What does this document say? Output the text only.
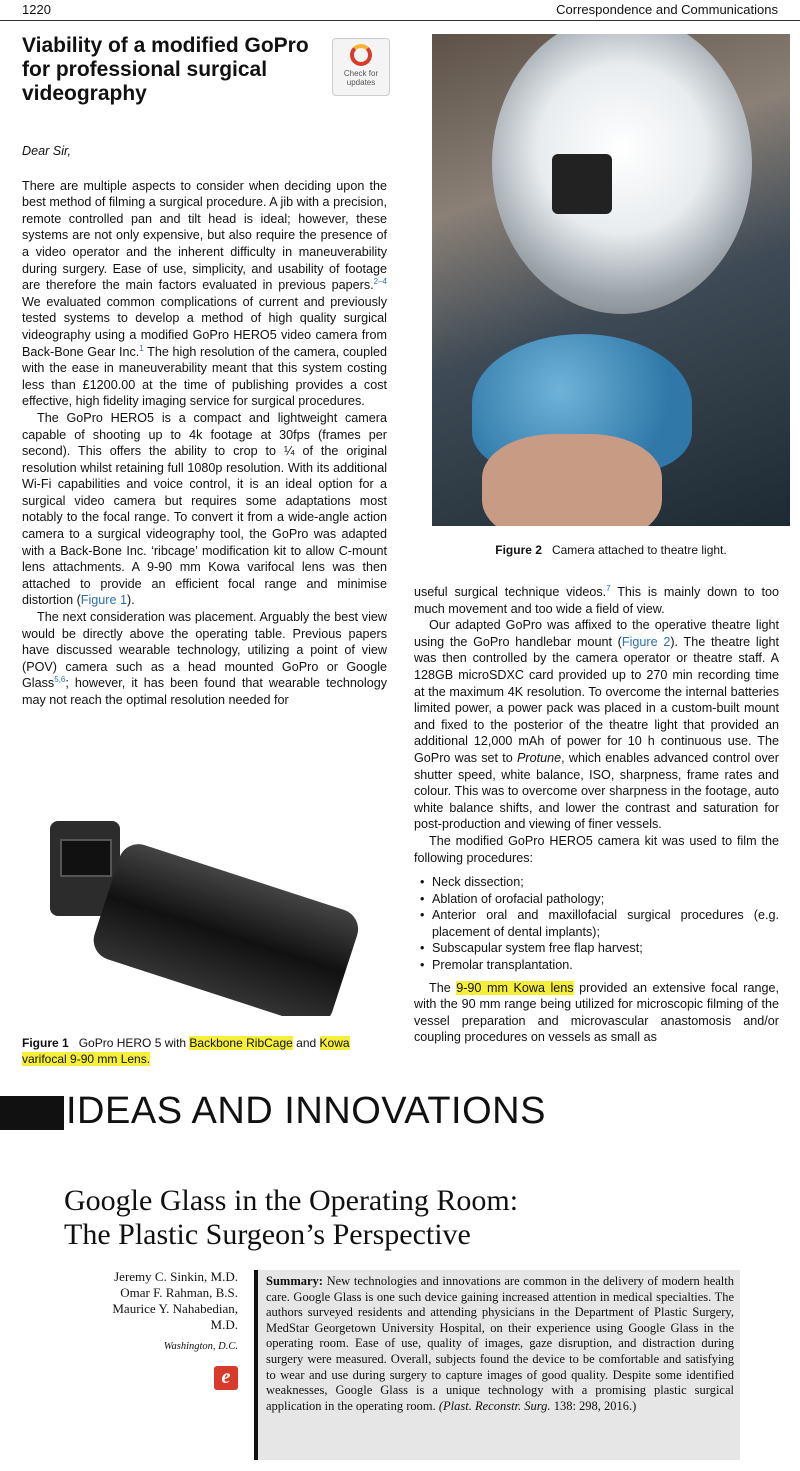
1220	Correspondence and Communications
Viability of a modified GoPro for professional surgical videography
Check for
updates

Dear Sir,

There are multiple aspects to consider when deciding upon the best method of filming a surgical procedure. A jib with a precision, remote controlled pan and tilt head is ideal; however, these systems are not only expensive, but also require the presence of a video operator and the inherent difficulty in maneuverability during surgery. Ease of use, simplicity, and usability of footage are therefore the main factors evaluated in previous papers.$^{2-4}$ We evaluated common complications of current and previously tested systems to develop a method of high quality surgical videography using a modified GoPro HERO5 video camera from Back-Bone Gear Inc.$^1$ The high resolution of the camera, coupled with the ease in maneuverability meant that this system costing less than £1200.00 at the time of publishing provides a cost effective, high fidelity imaging service for surgical procedures.

The GoPro HERO5 is a compact and lightweight camera capable of shooting up to 4k footage at 30fps (frames per second). This offers the ability to crop to ¼ of the original resolution whilst retaining full 1080p resolution. With its additional Wi-Fi capabilities and voice control, it is an ideal option for a surgical video camera but requires some adaptations most notably to the focal range. To convert it from a wide-angle action camera to a surgical videography tool, the GoPro was adapted with a Back-Bone Inc. ‘ribcage’ modification kit to allow C-mount lens attachments. A 9-90 mm Kowa varifocal lens was then attached to provide an efficient focal range and minimise distortion (Figure 1).

The next consideration was placement. Arguably the best view would be directly above the operating table. Previous papers have discussed wearable technology, utilizing a point of view (POV) camera such as a head mounted GoPro or Google Glass$^{5,6}$; however, it has been found that wearable technology may not reach the optimal resolution needed for

Figure 2 Camera attached to theatre light.

useful surgical technique videos.$^7$ This is mainly down to too much movement and too wide a field of view.

Our adapted GoPro was affixed to the operative theatre light using the GoPro handlebar mount (Figure 2). The theatre light was then controlled by the camera operator or theatre staff. A 128GB microSDXC card provided up to 270 min recording time at the maximum 4K resolution. To overcome the internal batteries limited power, a power pack was placed in a custom-built mount and fixed to the posterior of the theatre light that provided an additional 12,000 mAh of power for 10 h continuous use. The GoPro was set to Protune, which enables advanced control over shutter speed, white balance, ISO, sharpness, frame rates and colour. This was to overcome over sharpness in the footage, auto white balance shifts, and lower the contrast and saturation for post-production and viewing of finer vessels.

The modified GoPro HERO5 camera kit was used to film the following procedures:

• Neck dissection;
• Ablation of orofacial pathology;
• Anterior oral and maxillofacial surgical procedures (e.g. placement of dental implants);
• Subscapular system free flap harvest;
• Premolar transplantation.

The 9-90 mm Kowa lens provided an extensive focal range, with the 90 mm range being utilized for microscopic filming of the vessel preparation and microvascular anastomosis and/or coupling procedures on vessels as small as

Figure 1 GoPro HERO 5 with Backbone RibCage and Kowa varifocal 9-90 mm Lens.
IDEAS AND INNOVATIONS
Google Glass in the Operating Room:
The Plastic Surgeon’s Perspective
Jeremy C. Sinkin, M.D.
Omar F. Rahman, B.S.
Maurice Y. Nahabedian,
M.D.
Washington, D.C.
e
Summary: New technologies and innovations are common in the delivery of modern health care. Google Glass is one such device gaining increased attention in medical specialties. The authors surveyed residents and attending physicians in the Department of Plastic Surgery, MedStar Georgetown University Hospital, on their experience using Google Glass in the operating room. Ease of use, quality of images, gaze disruption, and distraction during surgery were measured. Overall, subjects found the device to be comfortable and satisfying to wear and use during surgery to capture images of good quality. Despite some identified weaknesses, Google Glass is a unique technology with a promising plastic surgical application in the operating room. (Plast. Reconstr. Surg. 138: 298, 2016.)
